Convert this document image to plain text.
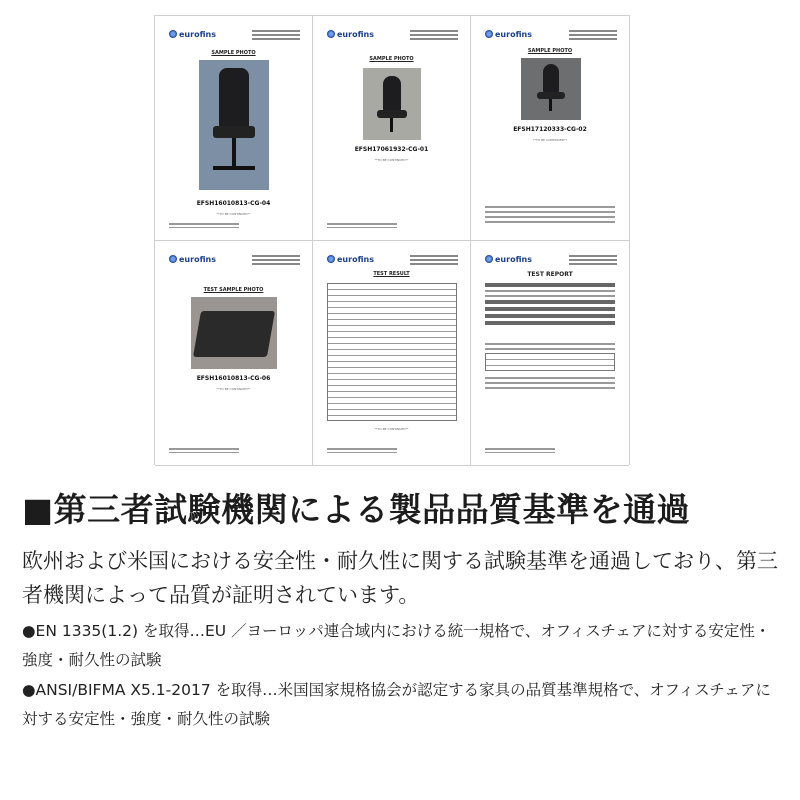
eurofins
SAMPLE PHOTO
EFSH16010813-CG-04
**TO BE CONTINUED**
eurofins
SAMPLE PHOTO
EFSH17061932-CG-01
**TO BE CONTINUED**
eurofins
SAMPLE PHOTO
EFSH17120333-CG-02
**TO BE CONTINUED**
eurofins
TEST SAMPLE PHOTO
EFSH16010813-CG-06
**TO BE CONTINUED**
eurofins
TEST RESULT
**TO BE CONTINUED**
eurofins
TEST REPORT
■第三者試験機関による製品品質基準を通過
欧州および米国における安全性・耐久性に関する試験基準を通過しており、第三者機関によって品質が証明されています。
●EN 1335(1.2) を取得…EU ／ヨーロッパ連合域内における統一規格で、オフィスチェアに対する安定性・強度・耐久性の試験
●ANSI/BIFMA X5.1-2017 を取得…米国国家規格協会が認定する家具の品質基準規格で、オフィスチェアに対する安定性・強度・耐久性の試験
